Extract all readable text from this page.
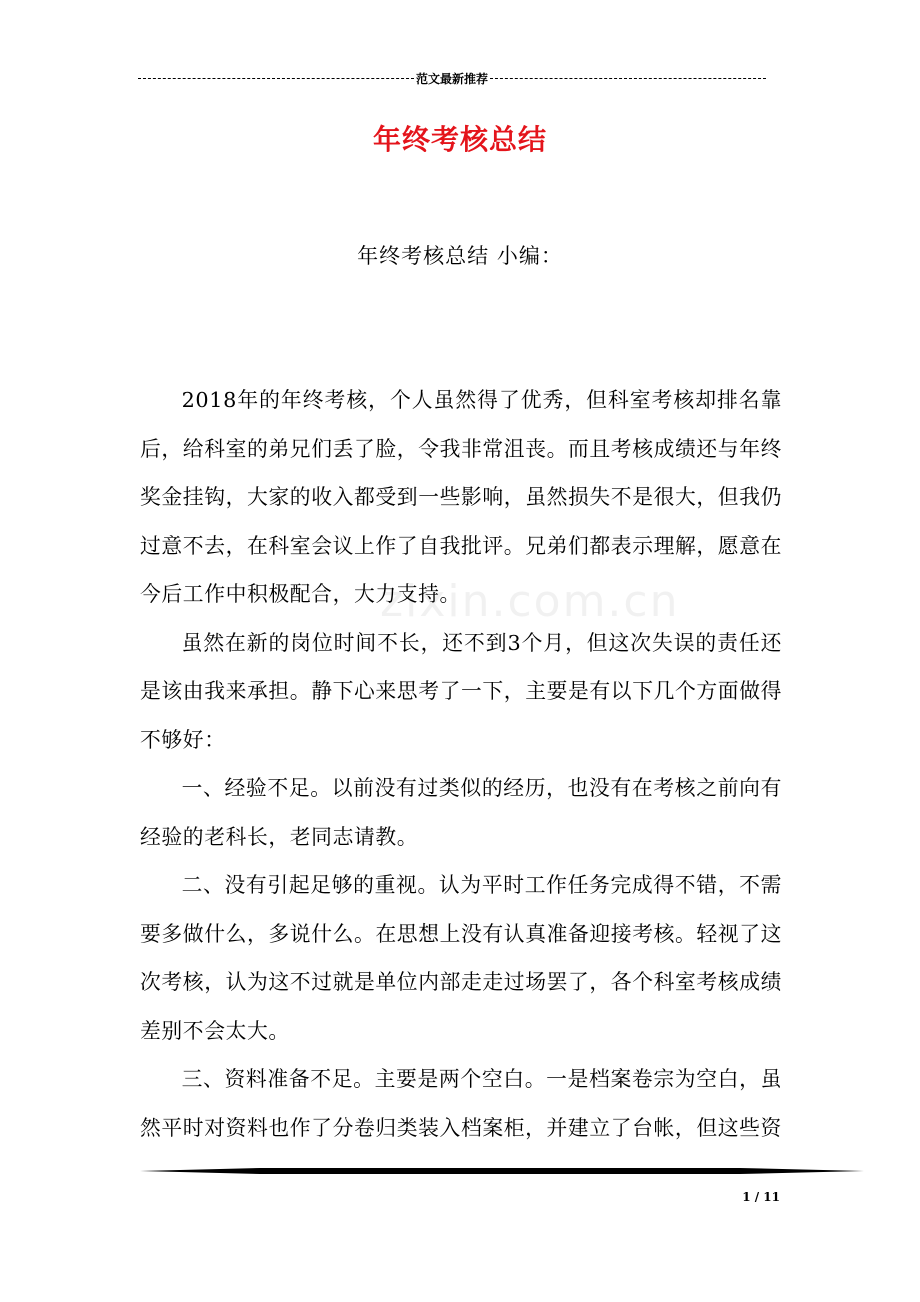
范文最新推荐
年终考核总结
年终考核总结 小编：
zixin.com.cn

2018年的年终考核，个人虽然得了优秀，但科室考核却排名靠后，给科室的弟兄们丢了脸，令我非常沮丧。而且考核成绩还与年终奖金挂钩，大家的收入都受到一些影响，虽然损失不是很大，但我仍过意不去，在科室会议上作了自我批评。兄弟们都表示理解，愿意在今后工作中积极配合，大力支持。

虽然在新的岗位时间不长，还不到3个月，但这次失误的责任还是该由我来承担。静下心来思考了一下，主要是有以下几个方面做得不够好：

一、经验不足。以前没有过类似的经历，也没有在考核之前向有经验的老科长，老同志请教。

二、没有引起足够的重视。认为平时工作任务完成得不错，不需要多做什么，多说什么。在思想上没有认真准备迎接考核。轻视了这次考核，认为这不过就是单位内部走走过场罢了，各个科室考核成绩差别不会太大。

三、资料准备不足。主要是两个空白。一是档案卷宗为空白，虽然平时对资料也作了分卷归类装入档案柜，并建立了台帐，但这些资

1 / 11
